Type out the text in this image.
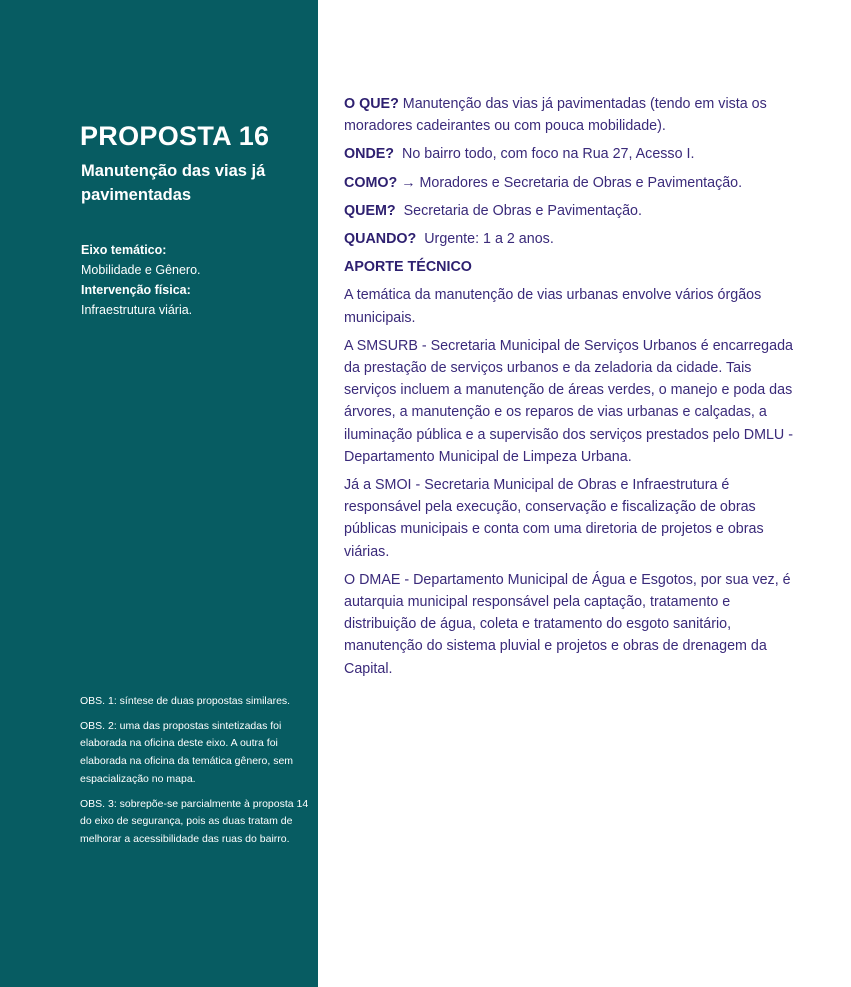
PROPOSTA 16
Manutenção das vias já pavimentadas
Eixo temático:
Mobilidade e Gênero.
Intervenção física:
Infraestrutura viária.

OBS. 1: síntese de duas propostas similares.

OBS. 2: uma das propostas sintetizadas foi elaborada na oficina deste eixo. A outra foi elaborada na oficina da temática gênero, sem espacialização no mapa.

OBS. 3: sobrepõe-se parcialmente à proposta 14 do eixo de segurança, pois as duas tratam de melhorar a acessibilidade das ruas do bairro.

O QUE? Manutenção das vias já pavimentadas (tendo em vista os moradores cadeirantes ou com pouca mobilidade).

ONDE? No bairro todo, com foco na Rua 27, Acesso I.

COMO? → Moradores e Secretaria de Obras e Pavimentação.

QUEM? Secretaria de Obras e Pavimentação.

QUANDO? Urgente: 1 a 2 anos.

APORTE TÉCNICO

A temática da manutenção de vias urbanas envolve vários órgãos municipais.

A SMSURB - Secretaria Municipal de Serviços Urbanos é encarregada da prestação de serviços urbanos e da zeladoria da cidade. Tais serviços incluem a manutenção de áreas verdes, o manejo e poda das árvores, a manutenção e os reparos de vias urbanas e calçadas, a iluminação pública e a supervisão dos serviços prestados pelo DMLU - Departamento Municipal de Limpeza Urbana.

Já a SMOI - Secretaria Municipal de Obras e Infraestrutura é responsável pela execução, conservação e fiscalização de obras públicas municipais e conta com uma diretoria de projetos e obras viárias.

O DMAE - Departamento Municipal de Água e Esgotos, por sua vez, é autarquia municipal responsável pela captação, tratamento e distribuição de água, coleta e tratamento do esgoto sanitário, manutenção do sistema pluvial e projetos e obras de drenagem da Capital.
